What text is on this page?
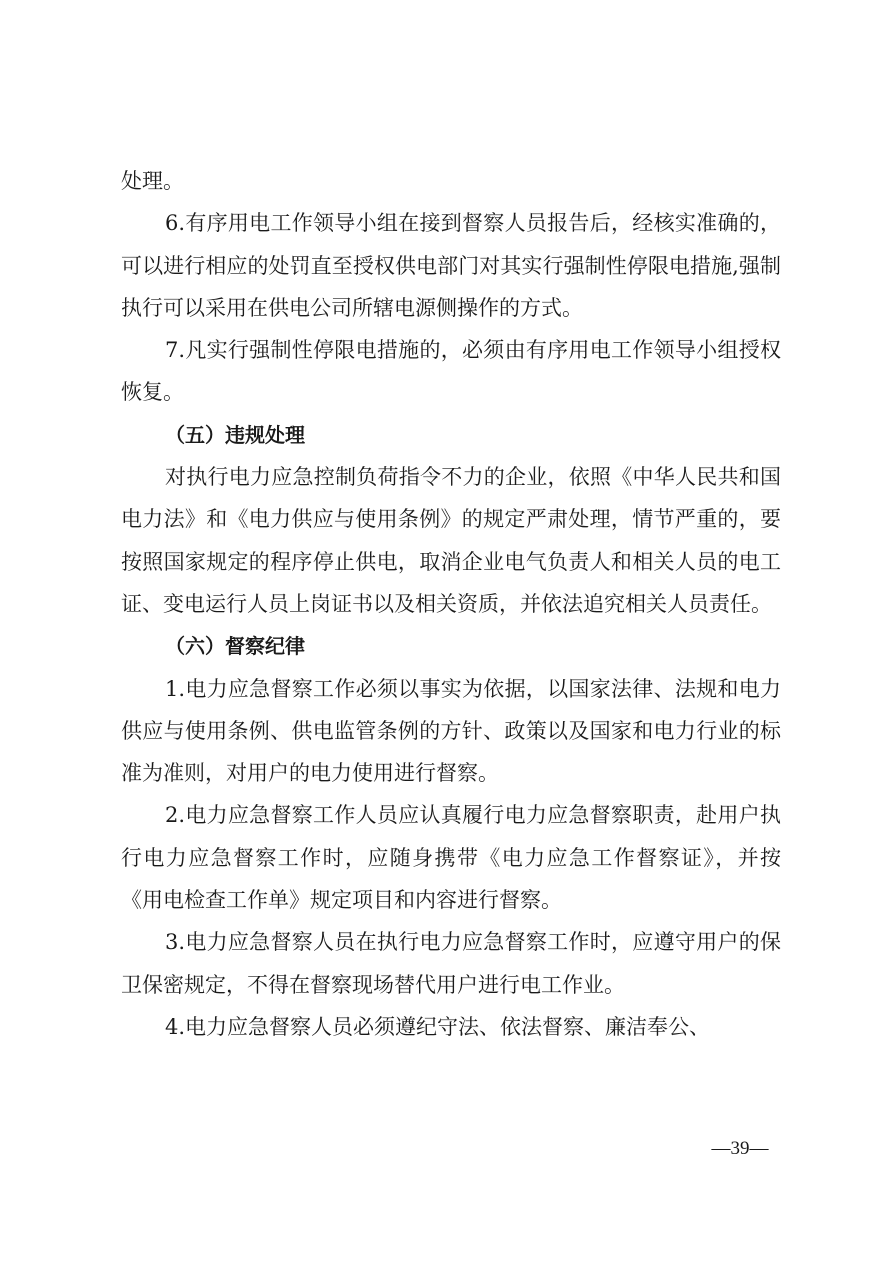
处理。

6.有序用电工作领导小组在接到督察人员报告后，经核实准确的，可以进行相应的处罚直至授权供电部门对其实行强制性停限电措施,强制执行可以采用在供电公司所辖电源侧操作的方式。

7.凡实行强制性停限电措施的，必须由有序用电工作领导小组授权恢复。

（五）违规处理

对执行电力应急控制负荷指令不力的企业，依照《中华人民共和国电力法》和《电力供应与使用条例》的规定严肃处理，情节严重的，要按照国家规定的程序停止供电，取消企业电气负责人和相关人员的电工证、变电运行人员上岗证书以及相关资质，并依法追究相关人员责任。

（六）督察纪律

1.电力应急督察工作必须以事实为依据，以国家法律、法规和电力供应与使用条例、供电监管条例的方针、政策以及国家和电力行业的标准为准则，对用户的电力使用进行督察。

2.电力应急督察工作人员应认真履行电力应急督察职责，赴用户执行电力应急督察工作时，应随身携带《电力应急工作督察证》，并按《用电检查工作单》规定项目和内容进行督察。

3.电力应急督察人员在执行电力应急督察工作时，应遵守用户的保卫保密规定，不得在督察现场替代用户进行电工作业。

4.电力应急督察人员必须遵纪守法、依法督察、廉洁奉公、

—39—
